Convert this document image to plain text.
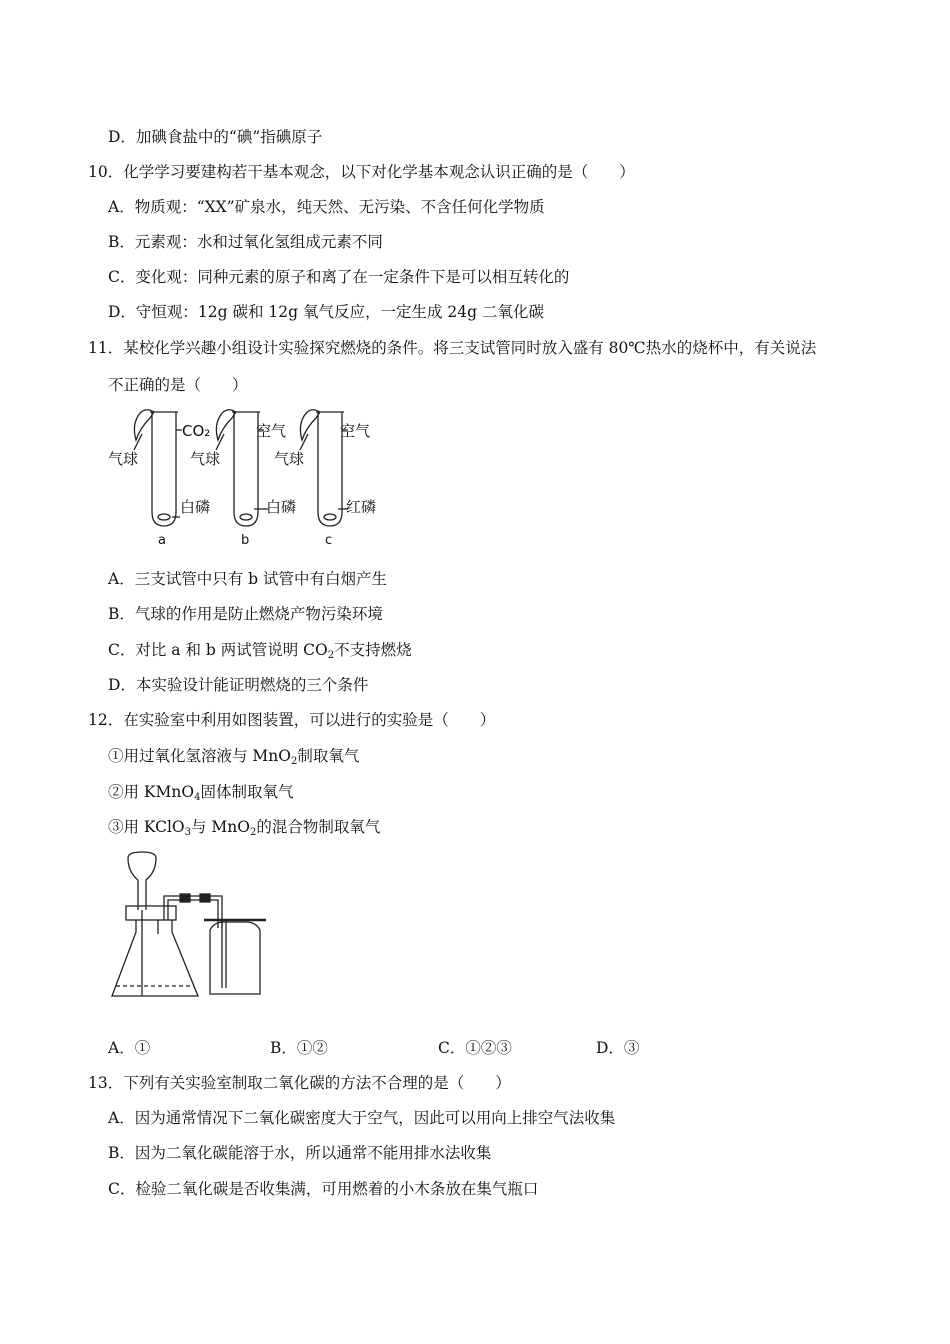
D．加碘食盐中的“碘”指碘原子
10．化学学习要建构若干基本观念，以下对化学基本观念认识正确的是（　　）
A．物质观：“XX”矿泉水，纯天然、无污染、不含任何化学物质
B．元素观：水和过氧化氢组成元素不同
C．变化观：同种元素的原子和离了在一定条件下是可以相互转化的
D．守恒观：12g 碳和 12g 氧气反应，一定生成 24g 二氧化碳
11．某校化学兴趣小组设计实验探究燃烧的条件。将三支试管同时放入盛有 80℃热水的烧杯中，有关说法
不正确的是（　　）
CO₂
气球
白磷
a
空气
气球
白磷
b
空气
气球
红磷
c
A．三支试管中只有 b 试管中有白烟产生
B．气球的作用是防止燃烧产物污染环境
C．对比 a 和 b 两试管说明 $CO_2$不支持燃烧
D．本实验设计能证明燃烧的三个条件
12．在实验室中利用如图装置，可以进行的实验是（　　）
①用过氧化氢溶液与 MnO$_2$制取氧气
②用 KMnO$_4$固体制取氧气
③用 KClO$_3$与 MnO$_2$的混合物制取氧气
A．①	B．①②	C．①②③	D．③
13．下列有关实验室制取二氧化碳的方法不合理的是（　　）
A．因为通常情况下二氧化碳密度大于空气，因此可以用向上排空气法收集
B．因为二氧化碳能溶于水，所以通常不能用排水法收集
C．检验二氧化碳是否收集满，可用燃着的小木条放在集气瓶口
